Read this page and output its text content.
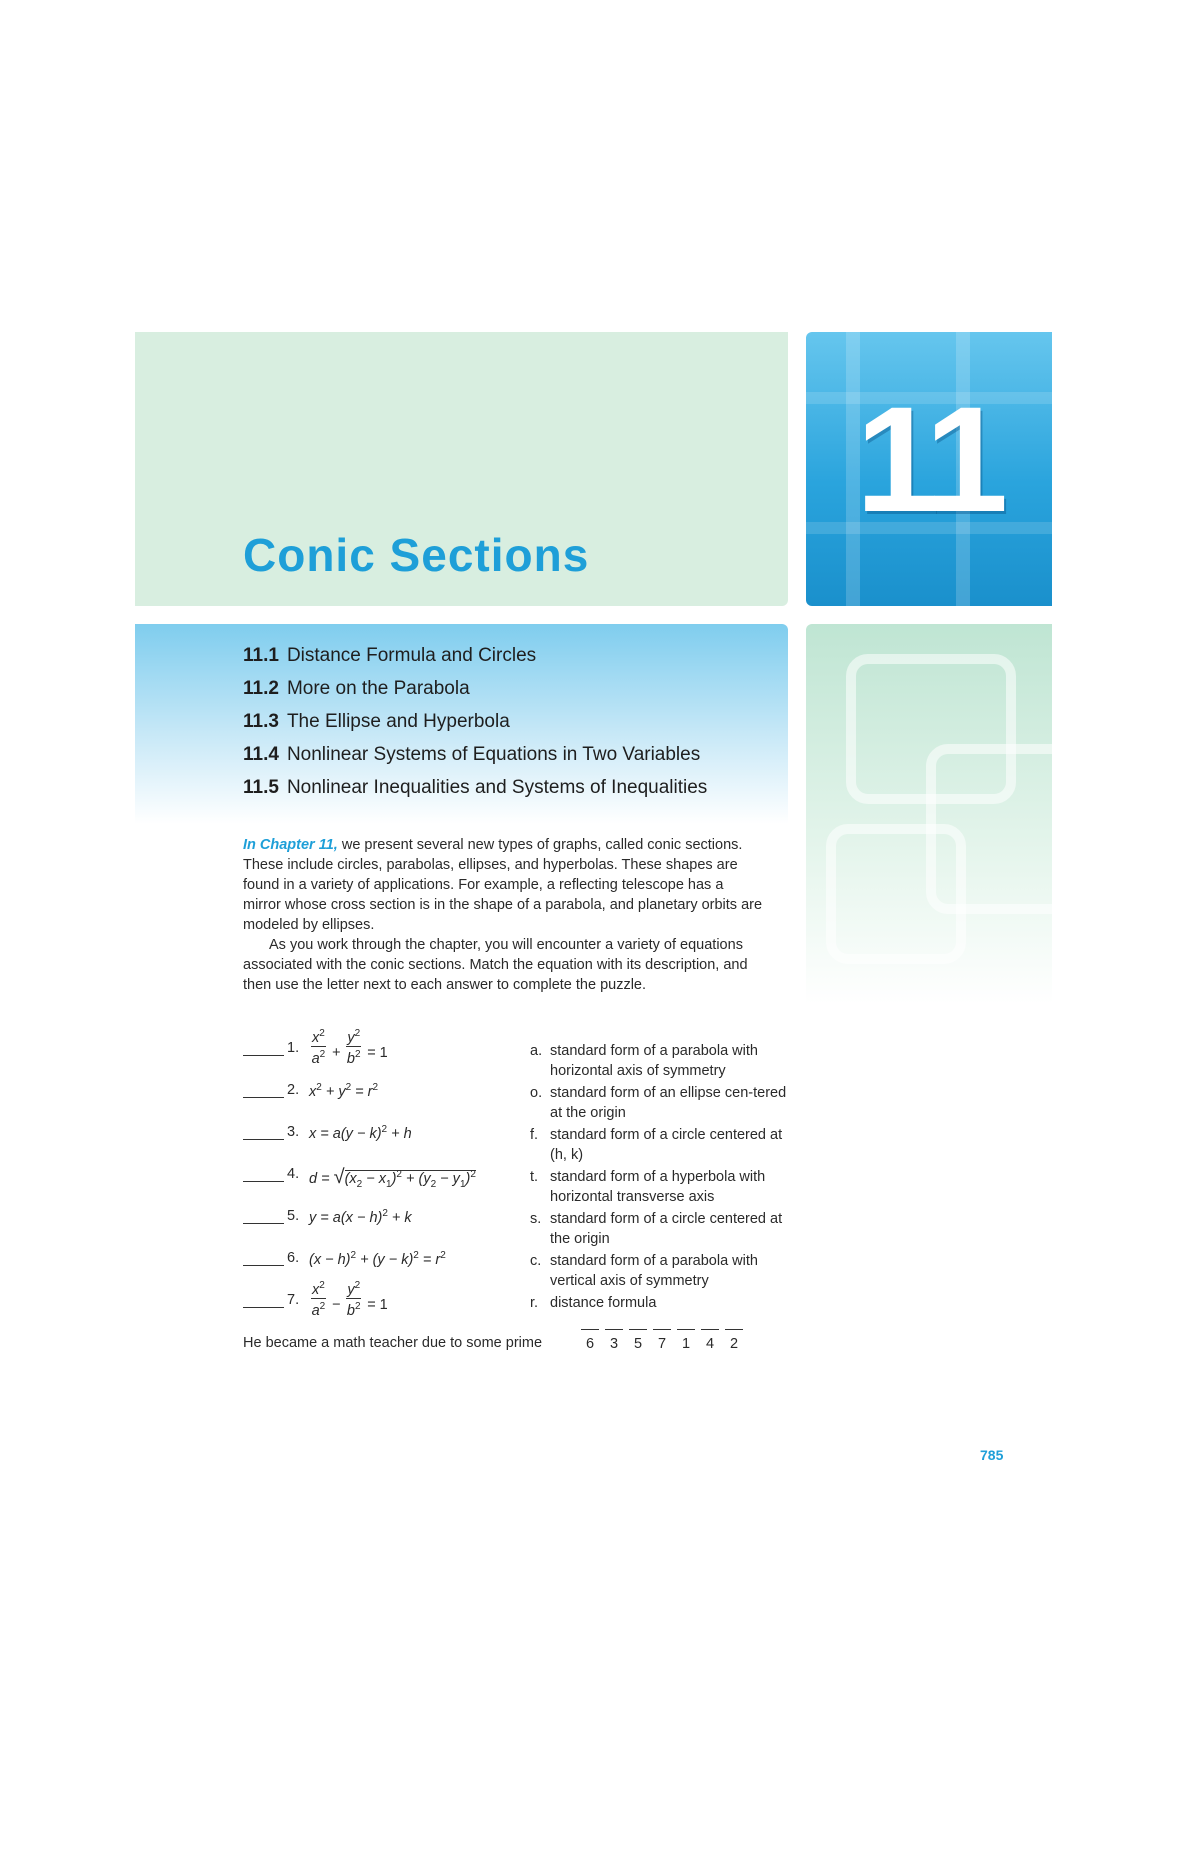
Conic Sections
11
11.1 Distance Formula and Circles
11.2 More on the Parabola
11.3 The Ellipse and Hyperbola
11.4 Nonlinear Systems of Equations in Two Variables
11.5 Nonlinear Inequalities and Systems of Inequalities

In Chapter 11, we present several new types of graphs, called conic sections. These include circles, parabolas, ellipses, and hyperbolas. These shapes are found in a variety of applications. For example, a reflecting telescope has a mirror whose cross section is in the shape of a parabola, and planetary orbits are modeled by ellipses.

As you work through the chapter, you will encounter a variety of equations associated with the conic sections. Match the equation with its description, and then use the letter next to each answer to complete the puzzle.

1. $\frac{x^2}{a^2} + \frac{y^2}{b^2} = 1$
2. $x^2 + y^2 = r^2$
3. $x = a(y - k)^2 + h$
4. $d = √(x_2 - x_1)^2 + (y_2 - y_1)^2$
5. $y = a(x - h)^2 + k$
6. $(x - h)^2 + (y - k)^2 = r^2$
7. $\frac{x^2}{a^2} - \frac{y^2}{b^2} = 1$
a. standard form of a parabola with horizontal axis of symmetry
o. standard form of an ellipse cen-tered at the origin
f. standard form of a circle centered at (h, k)
t. standard form of a hyperbola with horizontal transverse axis
s. standard form of a circle centered at the origin
c. standard form of a parabola with vertical axis of symmetry
r. distance formula
He became a math teacher due to some prime	6 3 5 7 1 4 2
785
